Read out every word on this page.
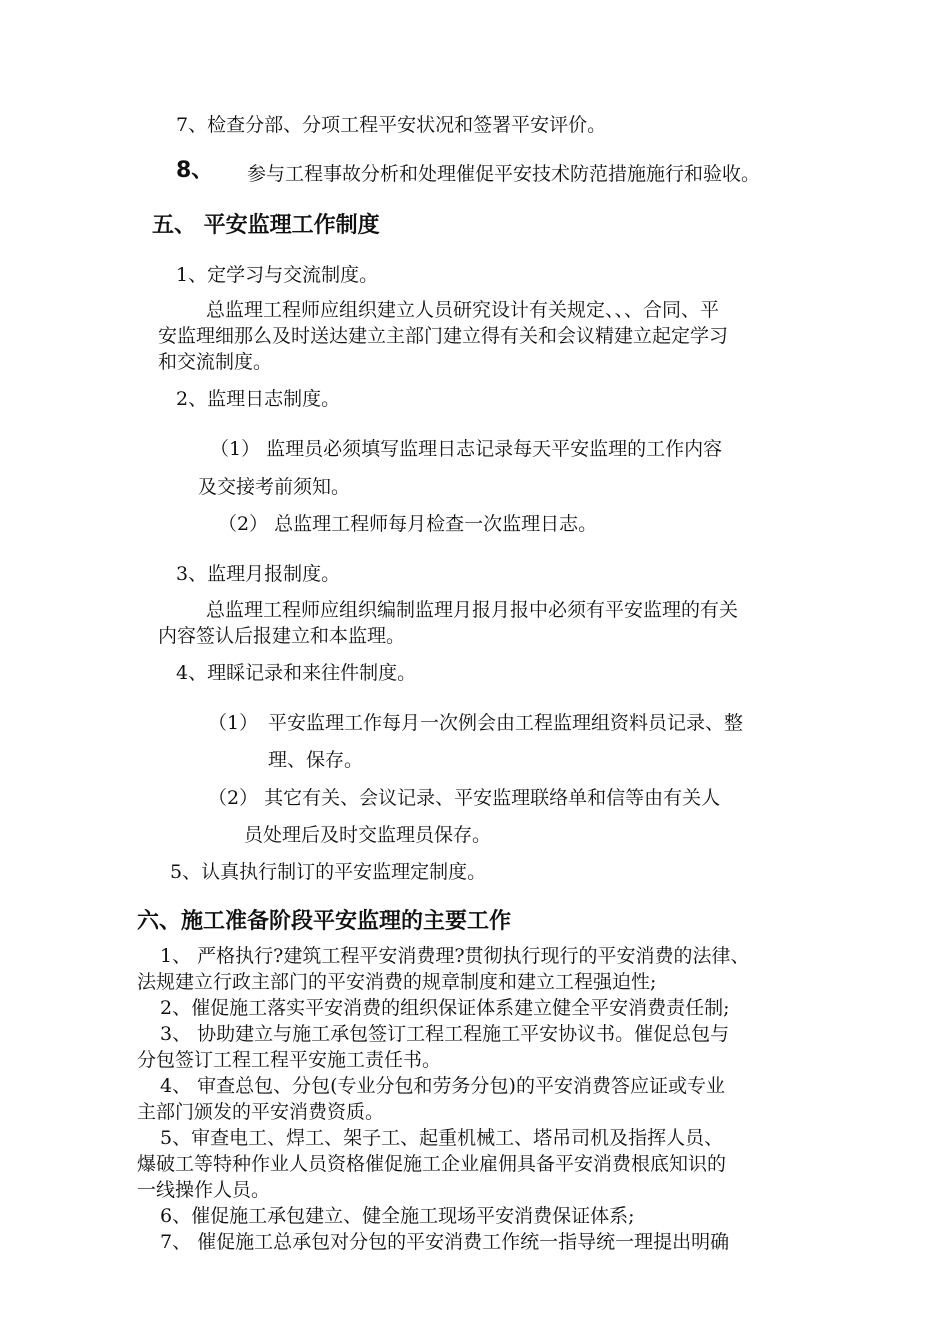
7、检查分部、分项工程平安状况和签署平安评价。
8、 参与工程事故分析和处理催促平安技术防范措施施行和验收。
五、 平安监理工作制度
1、定学习与交流制度。
总监理工程师应组织建立人员研究设计有关规定、、、合同、平
安监理细那么及时送达建立主部门建立得有关和会议精建立起定学习
和交流制度。
2、监理日志制度。
（1） 监理员必须填写监理日志记录每天平安监理的工作内容
及交接考前须知。
（2） 总监理工程师每月检查一次监理日志。
3、监理月报制度。
总监理工程师应组织编制监理月报月报中必须有平安监理的有关
内容签认后报建立和本监理。
4、理睬记录和来往件制度。
（1） 平安监理工作每月一次例会由工程监理组资料员记录、整
理、保存。
（2） 其它有关、会议记录、平安监理联络单和信等由有关人
员处理后及时交监理员保存。
5、认真执行制订的平安监理定制度。
六、施工准备阶段平安监理的主要工作
1、 严格执行?建筑工程平安消费理?贯彻执行现行的平安消费的法律、
法规建立行政主部门的平安消费的规章制度和建立工程强迫性;
2、催促施工落实平安消费的组织保证体系建立健全平安消费责任制;
3、 协助建立与施工承包签订工程工程施工平安协议书。催促总包与
分包签订工程工程平安施工责任书。
4、 审查总包、分包(专业分包和劳务分包)的平安消费答应证或专业
主部门颁发的平安消费资质。
5、审查电工、焊工、架子工、起重机械工、塔吊司机及指挥人员、
爆破工等特种作业人员资格催促施工企业雇佣具备平安消费根底知识的
一线操作人员。
6、催促施工承包建立、健全施工现场平安消费保证体系;
7、 催促施工总承包对分包的平安消费工作统一指导统一理提出明确
